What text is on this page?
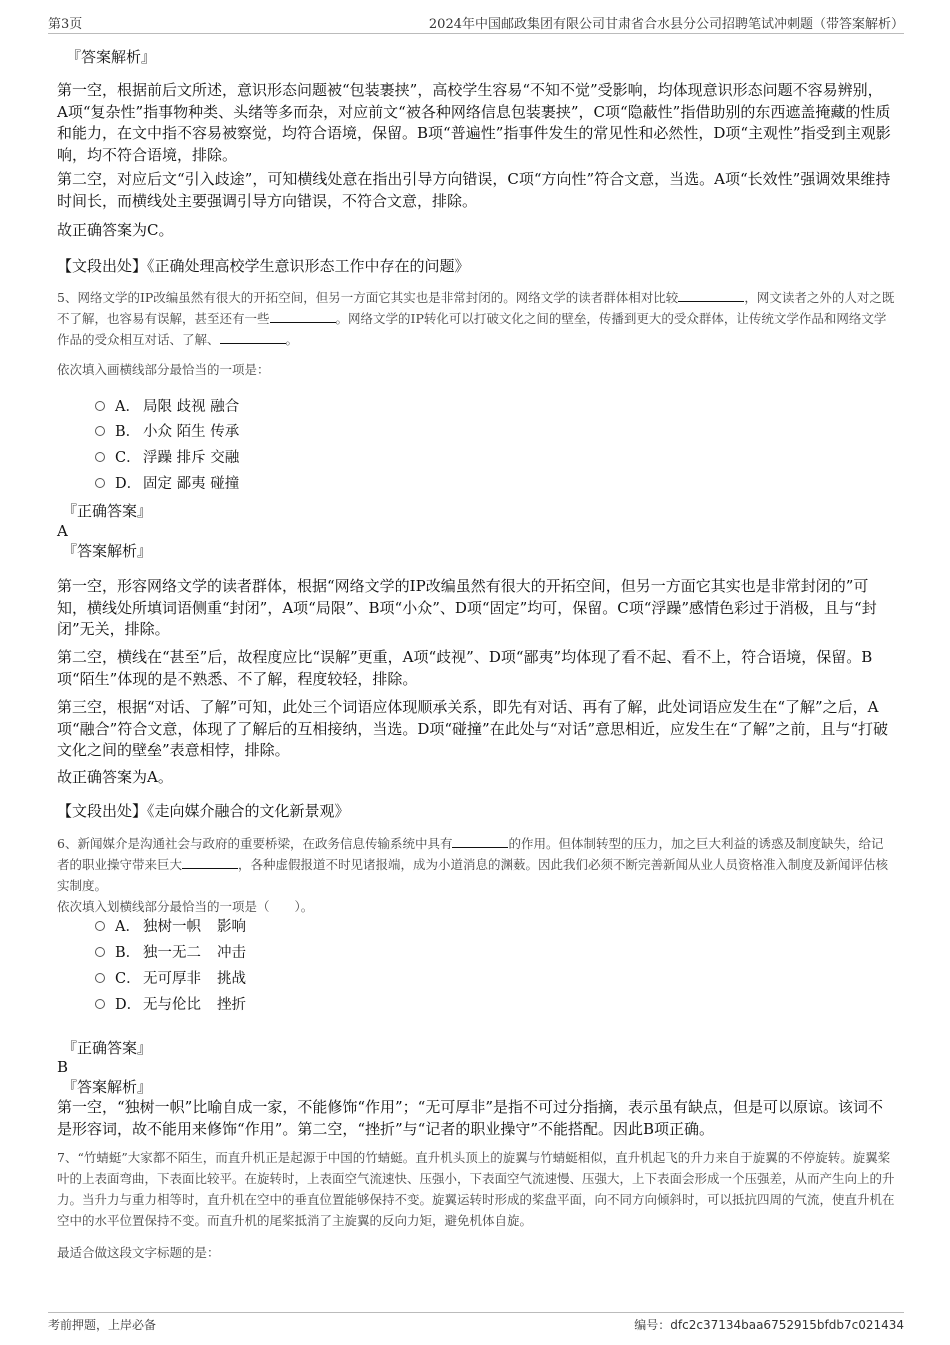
第3页	2024年中国邮政集团有限公司甘肃省合水县分公司招聘笔试冲刺题（带答案解析）
『答案解析』
第一空，根据前后文所述，意识形态问题被“包装裹挟”，高校学生容易“不知不觉”受影响，均体现意识形态问题不容易辨别，A项“复杂性”指事物种类、头绪等多而杂，对应前文“被各种网络信息包装裹挟”，C项“隐蔽性”指借助别的东西遮盖掩藏的性质和能力，在文中指不容易被察觉，均符合语境，保留。B项“普遍性”指事件发生的常见性和必然性，D项“主观性”指受到主观影响，均不符合语境，排除。
第二空，对应后文“引入歧途”，可知横线处意在指出引导方向错误，C项“方向性”符合文意，当选。A项“长效性”强调效果维持时间长，而横线处主要强调引导方向错误，不符合文意，排除。
故正确答案为C。
【文段出处】《正确处理高校学生意识形态工作中存在的问题》
5、网络文学的IP改编虽然有很大的开拓空间，但另一方面它其实也是非常封闭的。网络文学的读者群体相对比较	，网文读者之外的人对之既不了解，也容易有误解，甚至还有一些	。网络文学的IP转化可以打破文化之间的壁垒，传播到更大的受众群体，让传统文学作品和网络文学作品的受众相互对话、了解、	。
依次填入画横线部分最恰当的一项是：
A． 局限 歧视 融合
B． 小众 陌生 传承
C． 浮躁 排斥 交融
D． 固定 鄙夷 碰撞
『正确答案』
A
『答案解析』
第一空，形容网络文学的读者群体，根据“网络文学的IP改编虽然有很大的开拓空间，但另一方面它其实也是非常封闭的”可知，横线处所填词语侧重“封闭”，A项“局限”、B项“小众”、D项“固定”均可，保留。C项“浮躁”感情色彩过于消极，且与“封闭”无关，排除。
第二空，横线在“甚至”后，故程度应比“误解”更重，A项“歧视”、D项“鄙夷”均体现了看不起、看不上，符合语境，保留。B项“陌生”体现的是不熟悉、不了解，程度较轻，排除。
第三空，根据“对话、了解”可知，此处三个词语应体现顺承关系，即先有对话、再有了解，此处词语应发生在“了解”之后，A项“融合”符合文意，体现了了解后的互相接纳，当选。D项“碰撞”在此处与“对话”意思相近，应发生在“了解”之前，且与“打破文化之间的壁垒”表意相悖，排除。
故正确答案为A。
【文段出处】《走向媒介融合的文化新景观》
6、新闻媒介是沟通社会与政府的重要桥梁，在政务信息传输系统中具有	的作用。但体制转型的压力，加之巨大利益的诱惑及制度缺失，给记者的职业操守带来巨大	，各种虚假报道不时见诸报端，成为小道消息的渊薮。因此我们必须不断完善新闻从业人员资格准入制度及新闻评估核实制度。
依次填入划横线部分最恰当的一项是（　　）。
A． 独树一帜 影响
B． 独一无二 冲击
C． 无可厚非 挑战
D． 无与伦比 挫折
『正确答案』
B
『答案解析』
第一空，“独树一帜”比喻自成一家，不能修饰“作用”；“无可厚非”是指不可过分指摘，表示虽有缺点，但是可以原谅。该词不是形容词，故不能用来修饰“作用”。第二空，“挫折”与“记者的职业操守”不能搭配。因此B项正确。
7、“竹蜻蜓”大家都不陌生，而直升机正是起源于中国的竹蜻蜓。直升机头顶上的旋翼与竹蜻蜓相似，直升机起飞的升力来自于旋翼的不停旋转。旋翼桨叶的上表面弯曲，下表面比较平。在旋转时，上表面空气流速快、压强小，下表面空气流速慢、压强大，上下表面会形成一个压强差，从而产生向上的升力。当升力与重力相等时，直升机在空中的垂直位置能够保持不变。旋翼运转时形成的桨盘平面，向不同方向倾斜时，可以抵抗四周的气流，使直升机在空中的水平位置保持不变。而直升机的尾桨抵消了主旋翼的反向力矩，避免机体自旋。
最适合做这段文字标题的是：
考前押题，上岸必备	编号：dfc2c37134baa6752915bfdb7c021434
